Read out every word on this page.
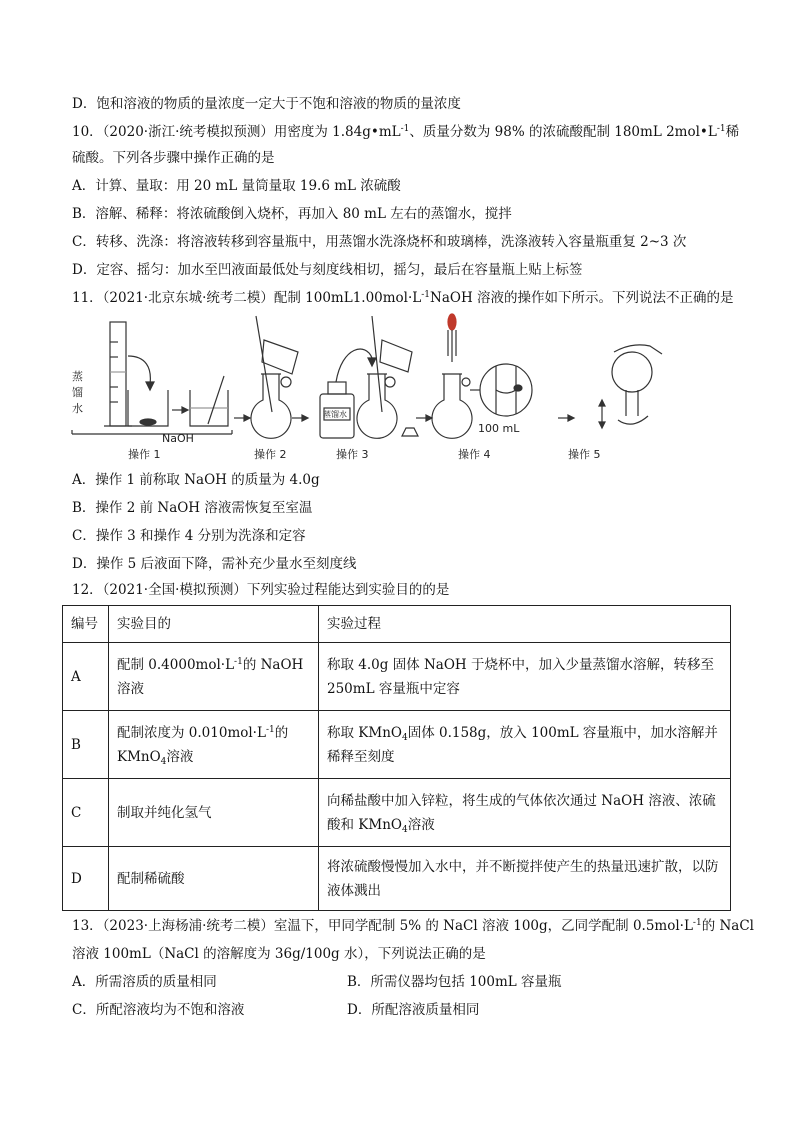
D．饱和溶液的物质的量浓度一定大于不饱和溶液的物质的量浓度
10．（2020·浙江·统考模拟预测）用密度为 $1.84g•mL^{-1}$、质量分数为 98% 的浓硫酸配制 180mL $2mol•L^{-1}$稀
硫酸。下列各步骤中操作正确的是
A．计算、量取：用 20 mL 量筒量取 19.6 mL 浓硫酸
B．溶解、稀释：将浓硫酸倒入烧杯，再加入 80 mL 左右的蒸馏水，搅拌
C．转移、洗涤：将溶液转移到容量瓶中，用蒸馏水洗涤烧杯和玻璃棒，洗涤液转入容量瓶重复 2~3 次
D．定容、摇匀：加水至凹液面最低处与刻度线相切，摇匀，最后在容量瓶上贴上标签
11．（2021·北京东城·统考二模）配制 $100mL1.00mol\cdot L^{-1}NaOH$ 溶液的操作如下所示。下列说法不正确的是
蒸
馏
水
NaOH
蒸馏水
100 mL
操作 1	操作 2	操作 3	操作 4	操作 5
A．操作 1 前称取 NaOH 的质量为 4.0g
B．操作 2 前 NaOH 溶液需恢复至室温
C．操作 3 和操作 4 分别为洗涤和定容
D．操作 5 后液面下降，需补充少量水至刻度线
12．（2021·全国·模拟预测）下列实验过程能达到实验目的的是
编号	实验目的	实验过程
A	配制 $0.4000mol\cdot L^{-1}$的 NaOH 溶液	称取 4.0g 固体 NaOH 于烧杯中，加入少量蒸馏水溶解，转移至 250mL 容量瓶中定容
B	配制浓度为 $0.010mol\cdot L^{-1}$的 KMnO$_4$溶液	称取 KMnO$_4$固体 0.158g，放入 100mL 容量瓶中，加水溶解并稀释至刻度
C	制取并纯化氢气	向稀盐酸中加入锌粒，将生成的气体依次通过 NaOH 溶液、浓硫酸和 KMnO$_4$溶液
D	配制稀硫酸	将浓硫酸慢慢加入水中，并不断搅拌使产生的热量迅速扩散，以防液体溅出
13．（2023·上海杨浦·统考二模）室温下，甲同学配制 5% 的 NaCl 溶液 100g，乙同学配制 $0.5mol\cdot L^{-1}$的 NaCl
溶液 100mL（NaCl 的溶解度为 36g/100g 水），下列说法正确的是
A．所需溶质的质量相同	B．所需仪器均包括 100mL 容量瓶
C．所配溶液均为不饱和溶液	D．所配溶液质量相同
